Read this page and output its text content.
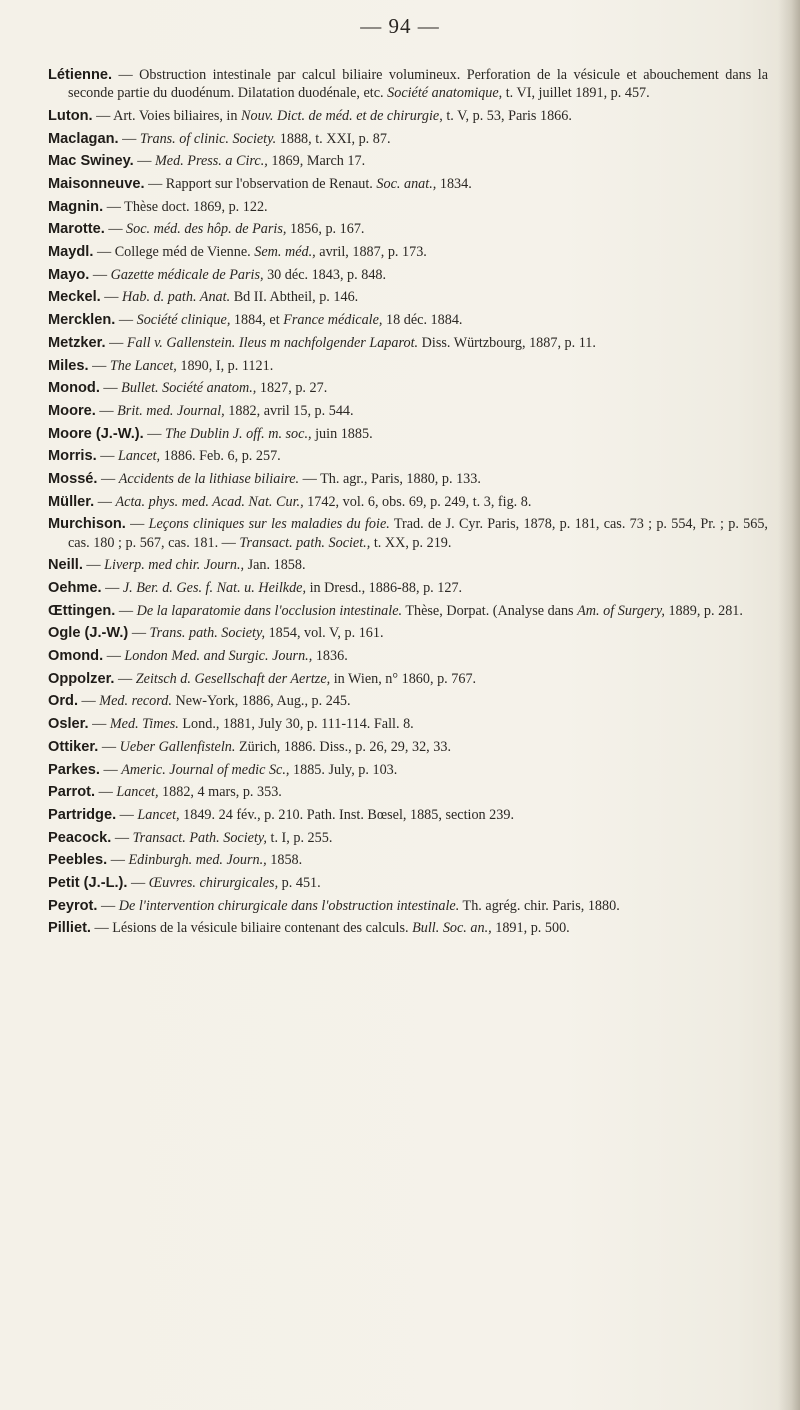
— 94 —

Létienne. — Obstruction intestinale par calcul biliaire volumineux. Perforation de la vésicule et abouchement dans la seconde partie du duodénum. Dilatation duodénale, etc. Société anatomique, t. VI, juillet 1891, p. 457.

Luton. — Art. Voies biliaires, in Nouv. Dict. de méd. et de chirurgie, t. V, p. 53, Paris 1866.

Maclagan. — Trans. of clinic. Society. 1888, t. XXI, p. 87.

Mac Swiney. — Med. Press. a Circ., 1869, March 17.

Maisonneuve. — Rapport sur l'observation de Renaut. Soc. anat., 1834.

Magnin. — Thèse doct. 1869, p. 122.

Marotte. — Soc. méd. des hôp. de Paris, 1856, p. 167.

Maydl. — College méd de Vienne. Sem. méd., avril, 1887, p. 173.

Mayo. — Gazette médicale de Paris, 30 déc. 1843, p. 848.

Meckel. — Hab. d. path. Anat. Bd II. Abtheil, p. 146.

Mercklen. — Société clinique, 1884, et France médicale, 18 déc. 1884.

Metzker. — Fall v. Gallenstein. Ileus m nachfolgender Laparot. Diss. Würtzbourg, 1887, p. 11.

Miles. — The Lancet, 1890, I, p. 1121.

Monod. — Bullet. Société anatom., 1827, p. 27.

Moore. — Brit. med. Journal, 1882, avril 15, p. 544.

Moore (J.-W.). — The Dublin J. off. m. soc., juin 1885.

Morris. — Lancet, 1886. Feb. 6, p. 257.

Mossé. — Accidents de la lithiase biliaire. — Th. agr., Paris, 1880, p. 133.

Müller. — Acta. phys. med. Acad. Nat. Cur., 1742, vol. 6, obs. 69, p. 249, t. 3, fig. 8.

Murchison. — Leçons cliniques sur les maladies du foie. Trad. de J. Cyr. Paris, 1878, p. 181, cas. 73 ; p. 554, Pr. ; p. 565, cas. 180 ; p. 567, cas. 181. — Transact. path. Societ., t. XX, p. 219.

Neill. — Liverp. med chir. Journ., Jan. 1858.

Oehme. — J. Ber. d. Ges. f. Nat. u. Heilkde, in Dresd., 1886-88, p. 127.

Œttingen. — De la laparatomie dans l'occlusion intestinale. Thèse, Dorpat. (Analyse dans Am. of Surgery, 1889, p. 281.

Ogle (J.-W.) — Trans. path. Society, 1854, vol. V, p. 161.

Omond. — London Med. and Surgic. Journ., 1836.

Oppolzer. — Zeitsch d. Gesellschaft der Aertze, in Wien, n° 1860, p. 767.

Ord. — Med. record. New-York, 1886, Aug., p. 245.

Osler. — Med. Times. Lond., 1881, July 30, p. 111-114. Fall. 8.

Ottiker. — Ueber Gallenfisteln. Zürich, 1886. Diss., p. 26, 29, 32, 33.

Parkes. — Americ. Journal of medic Sc., 1885. July, p. 103.

Parrot. — Lancet, 1882, 4 mars, p. 353.

Partridge. — Lancet, 1849. 24 fév., p. 210. Path. Inst. Bœsel, 1885, section 239.

Peacock. — Transact. Path. Society, t. I, p. 255.

Peebles. — Edinburgh. med. Journ., 1858.

Petit (J.-L.). — Œuvres. chirurgicales, p. 451.

Peyrot. — De l'intervention chirurgicale dans l'obstruction intestinale. Th. agrég. chir. Paris, 1880.

Pilliet. — Lésions de la vésicule biliaire contenant des calculs. Bull. Soc. an., 1891, p. 500.
